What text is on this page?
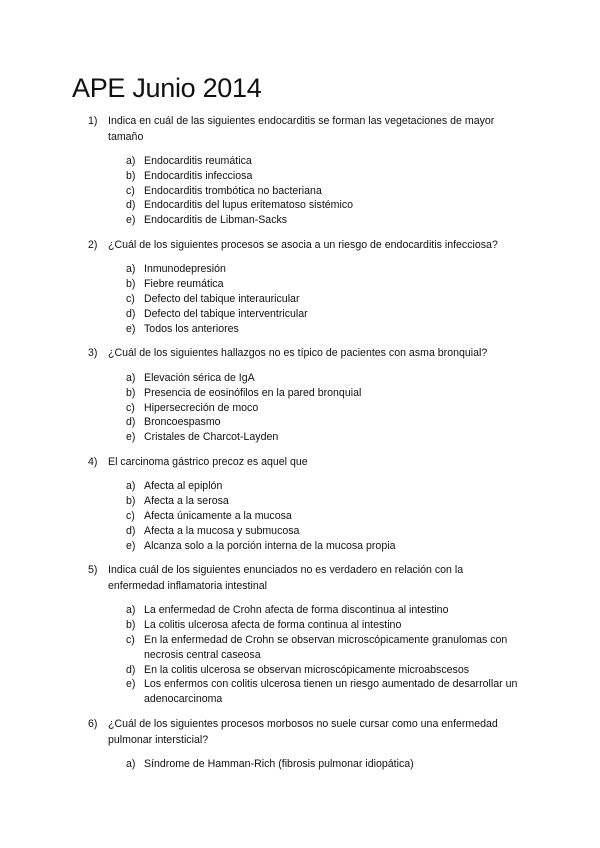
APE Junio 2014
1) Indica en cuál de las siguientes endocarditis se forman las vegetaciones de mayor tamaño
a) Endocarditis reumática
b) Endocarditis infecciosa
c) Endocarditis trombótica no bacteriana
d) Endocarditis del lupus eritematoso sistémico
e) Endocarditis de Libman-Sacks
2) ¿Cuál de los siguientes procesos se asocia a un riesgo de endocarditis infecciosa?
a) Inmunodepresión
b) Fiebre reumática
c) Defecto del tabique interauricular
d) Defecto del tabique interventricular
e) Todos los anteriores
3) ¿Cuál de los siguientes hallazgos no es típico de pacientes con asma bronquial?
a) Elevación sérica de IgA
b) Presencia de eosinófilos en la pared bronquial
c) Hipersecreción de moco
d) Broncoespasmo
e) Cristales de Charcot-Layden
4) El carcinoma gástrico precoz es aquel que
a) Afecta al epiplón
b) Afecta a la serosa
c) Afecta únicamente a la mucosa
d) Afecta a la mucosa y submucosa
e) Alcanza solo a la porción interna de la mucosa propia
5) Indica cuál de los siguientes enunciados no es verdadero en relación con la enfermedad inflamatoria intestinal
a) La enfermedad de Crohn afecta de forma discontinua al intestino
b) La colitis ulcerosa afecta de forma continua al intestino
c) En la enfermedad de Crohn se observan microscópicamente granulomas con necrosis central caseosa
d) En la colitis ulcerosa se observan microscópicamente microabscesos
e) Los enfermos con colitis ulcerosa tienen un riesgo aumentado de desarrollar un adenocarcinoma
6) ¿Cuál de los siguientes procesos morbosos no suele cursar como una enfermedad pulmonar intersticial?
a) Síndrome de Hamman-Rich (fibrosis pulmonar idiopática)
